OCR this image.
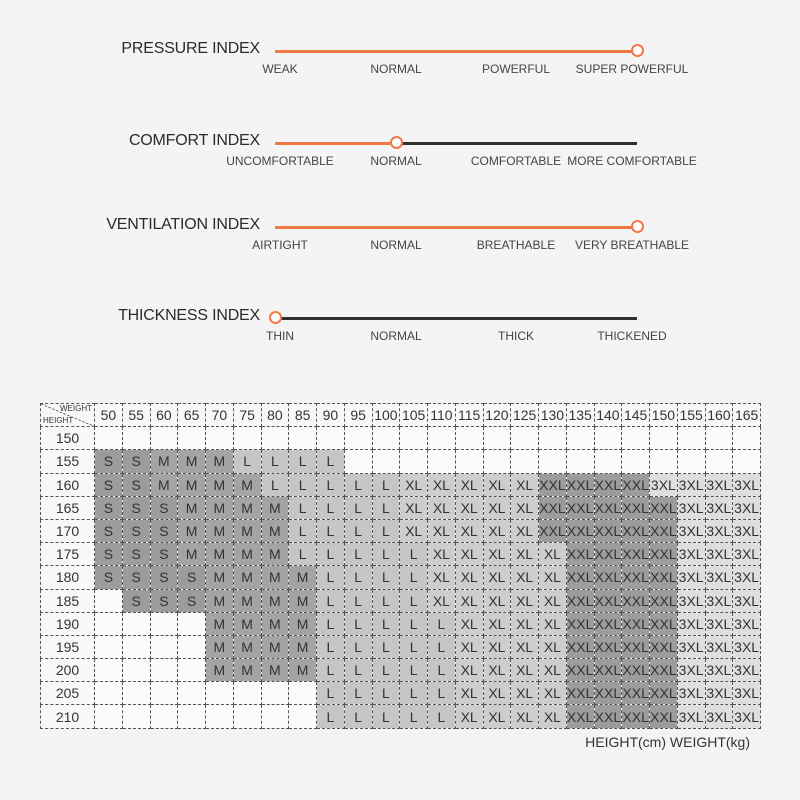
PRESSURE INDEX
WEAK	NORMAL	POWERFUL SUPER POWERFUL
COMFORT INDEX
UNCOMFORTABLE	NORMAL	COMFORTABLE MORE COMFORTABLE
VENTILATION INDEX
AIRTIGHT	NORMAL	BREATHABLE VERY BREATHABLE
THICKNESS INDEX
THIN	NORMAL	THICK	THICKENED
WEIGHT
HEIGHT	50	55	60	65	70	75	80	85	90	95	100	105	110	115	120	125	130	135	140	145	150	155	160	165
150																								
155	S	S	M	M	M	L	L	L	L															
160	S	S	M	M	M	M	L	L	L	L	L	XL	XL	XL	XL	XL	XXL	XXL	XXL	XXL	3XL	3XL	3XL	3XL
165	S	S	S	M	M	M	M	L	L	L	L	XL	XL	XL	XL	XL	XXL	XXL	XXL	XXL	XXL	3XL	3XL	3XL
170	S	S	S	M	M	M	M	L	L	L	L	XL	XL	XL	XL	XL	XXL	XXL	XXL	XXL	XXL	3XL	3XL	3XL
175	S	S	S	M	M	M	M	L	L	L	L	L	XL	XL	XL	XL	XL	XXL	XXL	XXL	XXL	3XL	3XL	3XL
180	S	S	S	S	M	M	M	M	L	L	L	L	XL	XL	XL	XL	XL	XXL	XXL	XXL	XXL	3XL	3XL	3XL
185		S	S	S	M	M	M	M	L	L	L	L	XL	XL	XL	XL	XL	XXL	XXL	XXL	XXL	3XL	3XL	3XL
190					M	M	M	M	L	L	L	L	L	XL	XL	XL	XL	XXL	XXL	XXL	XXL	3XL	3XL	3XL
195					M	M	M	M	L	L	L	L	L	XL	XL	XL	XL	XXL	XXL	XXL	XXL	3XL	3XL	3XL
200					M	M	M	M	L	L	L	L	L	XL	XL	XL	XL	XXL	XXL	XXL	XXL	3XL	3XL	3XL
205									L	L	L	L	L	XL	XL	XL	XL	XXL	XXL	XXL	XXL	3XL	3XL	3XL
210									L	L	L	L	L	XL	XL	XL	XL	XXL	XXL	XXL	XXL	3XL	3XL	3XL
HEIGHT(cm) WEIGHT(kg)
